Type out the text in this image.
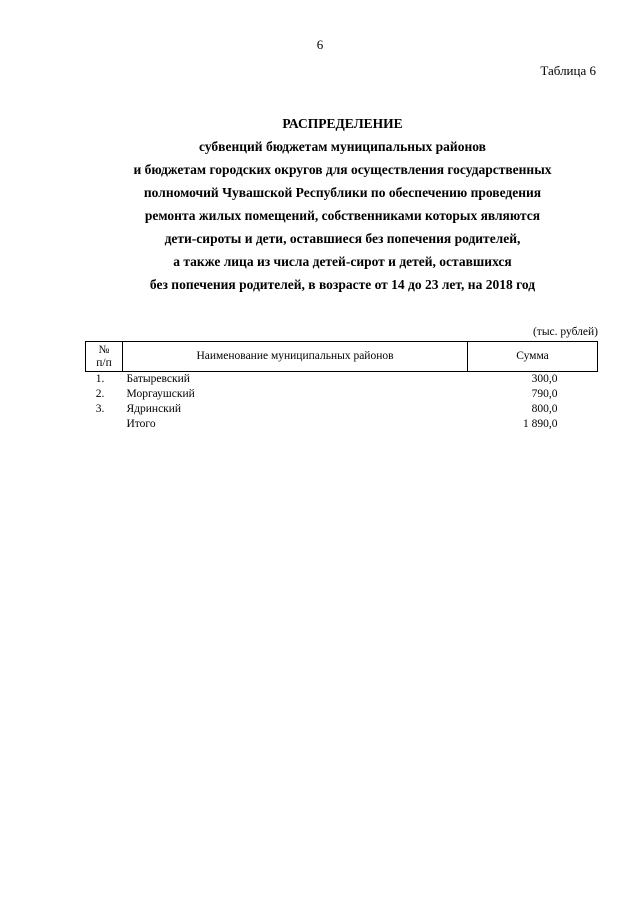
6
Таблица 6
РАСПРЕДЕЛЕНИЕ
субвенций бюджетам муниципальных районов
и бюджетам городских округов для осуществления государственных
полномочий Чувашской Республики по обеспечению проведения
ремонта жилых помещений, собственниками которых являются
дети-сироты и дети, оставшиеся без попечения родителей,
а также лица из числа детей-сирот и детей, оставшихся
без попечения родителей, в возрасте от 14 до 23 лет, на 2018 год
(тыс. рублей)
№
п/п	Наименование муниципальных районов	Сумма
1.	Батыревский	300,0
2.	Моргаушский	790,0
3.	Ядринский	800,0
	Итого	1 890,0
